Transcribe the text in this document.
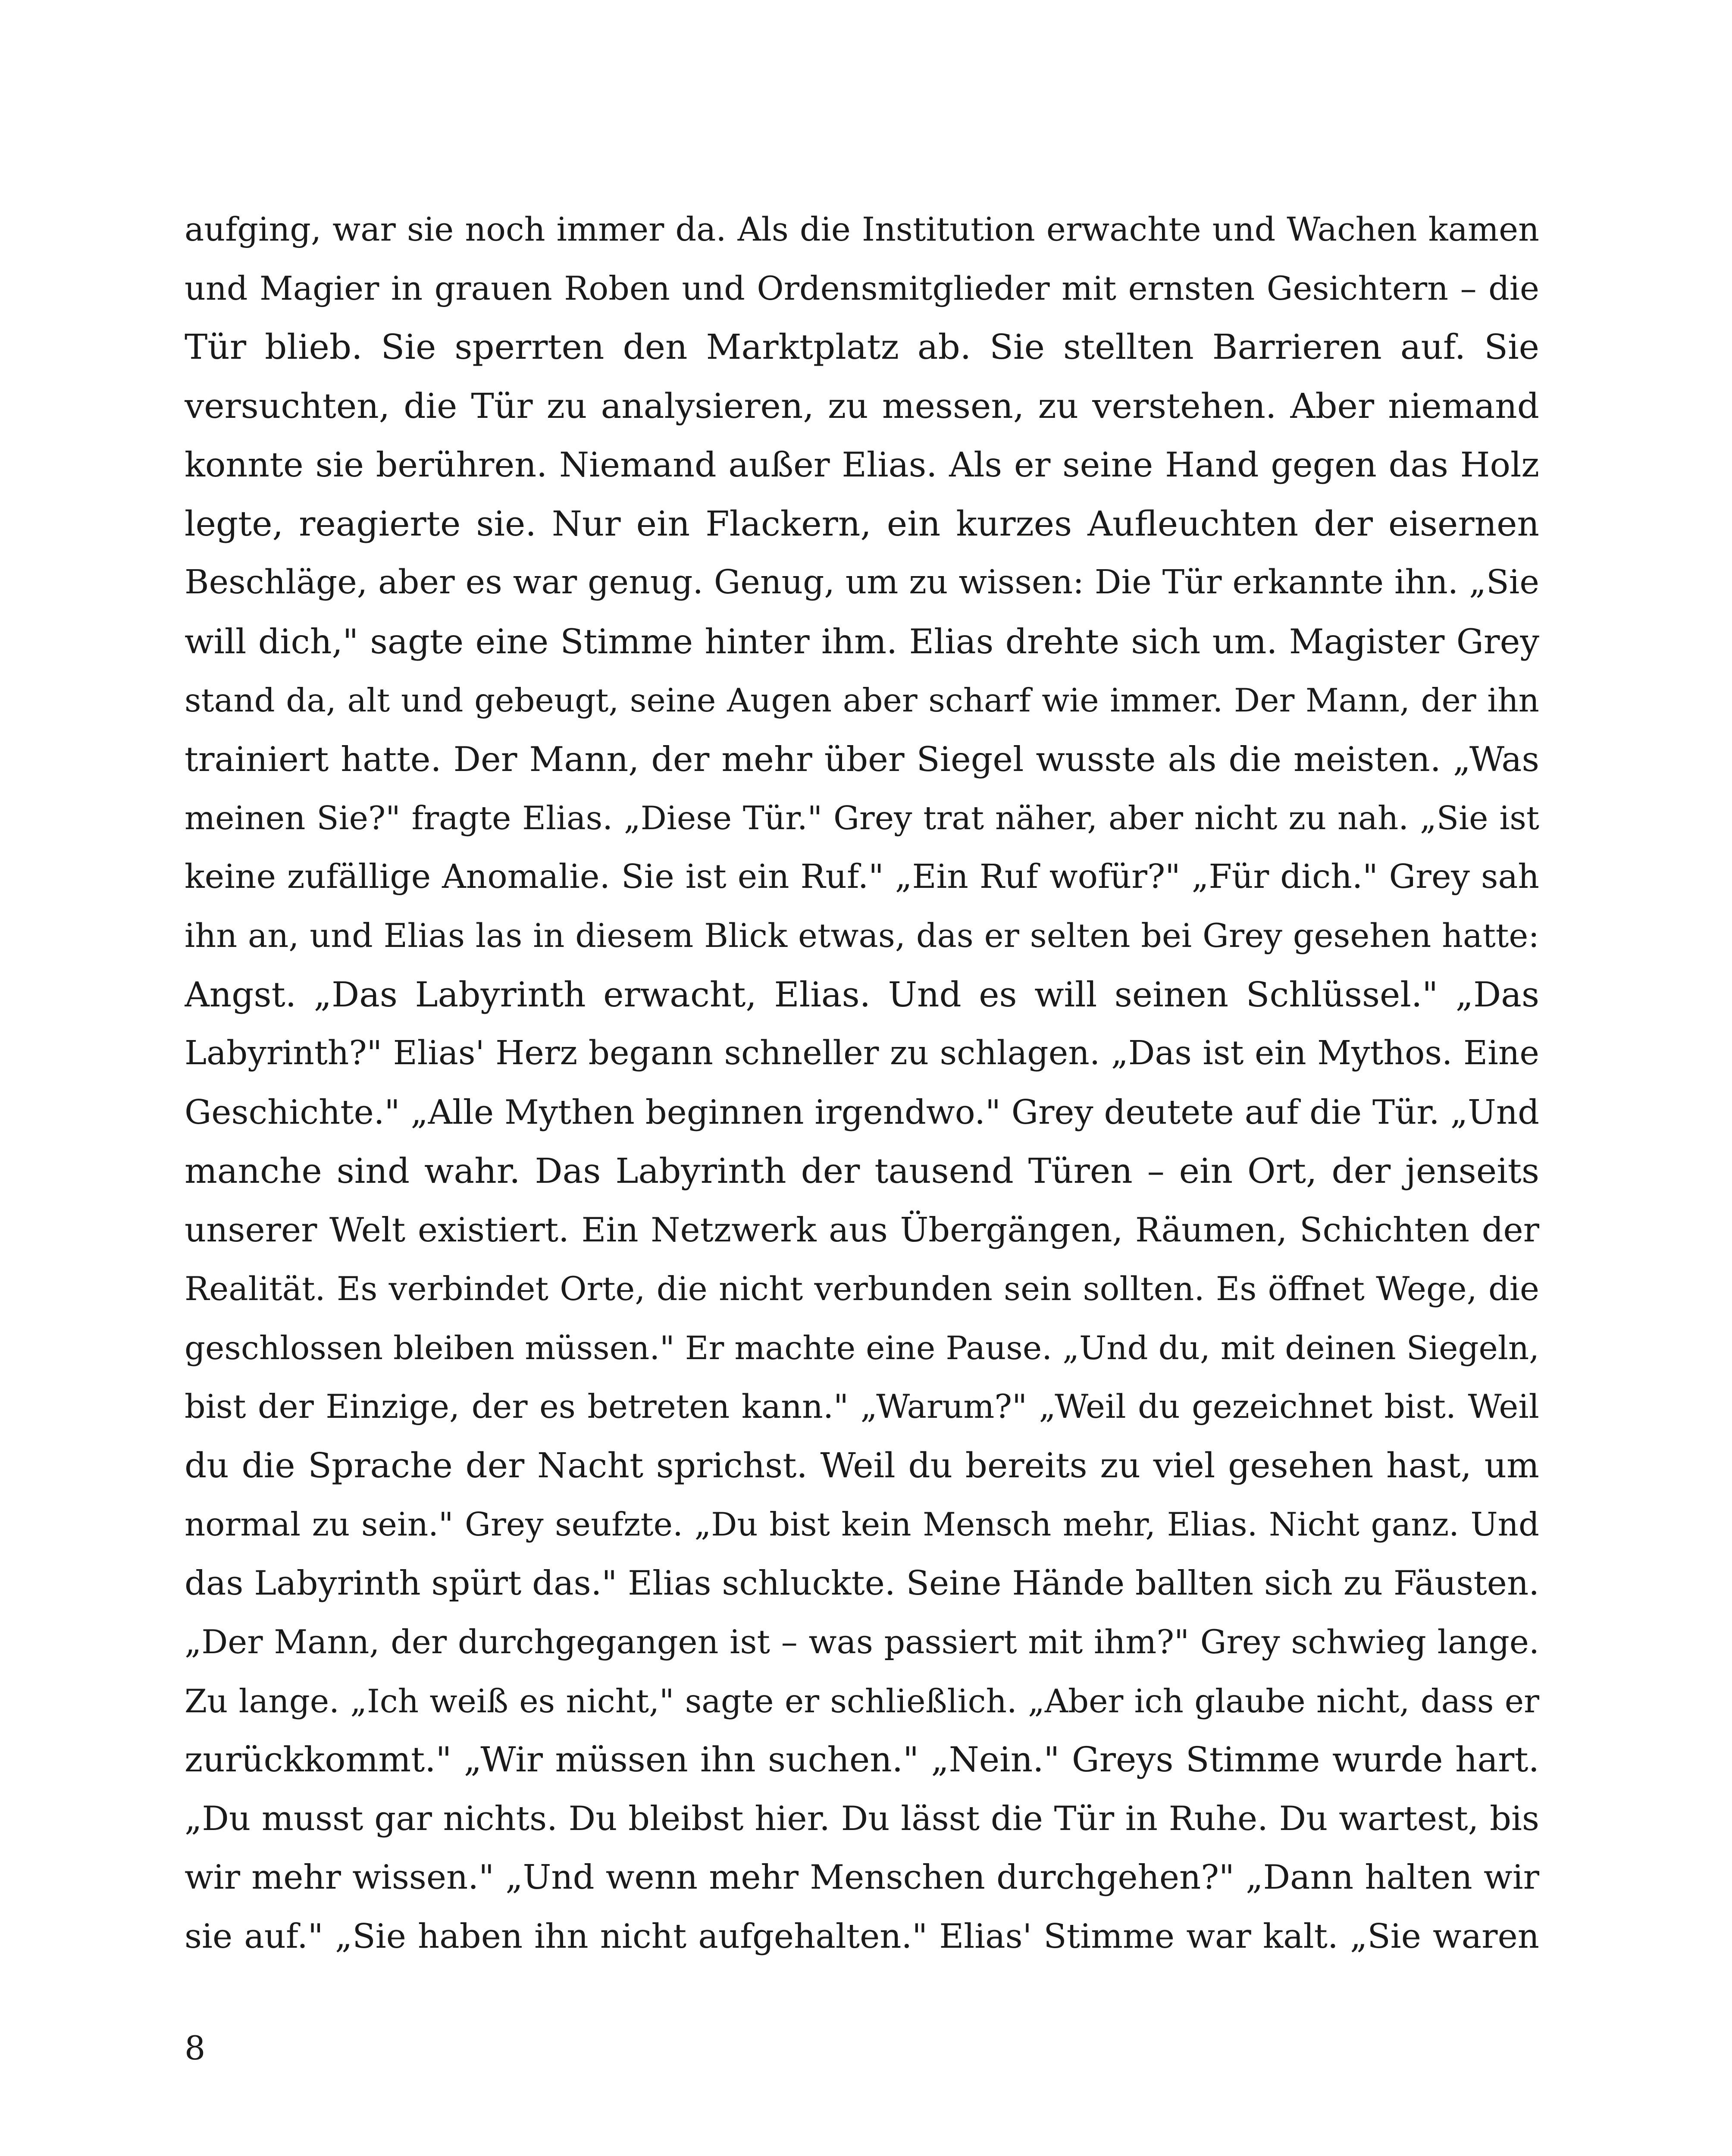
aufging, war sie noch immer da. Als die Institution erwachte und Wachen kamen
und Magier in grauen Roben und Ordensmitglieder mit ernsten Gesichtern – die
Tür blieb. Sie sperrten den Marktplatz ab. Sie stellten Barrieren auf. Sie
versuchten, die Tür zu analysieren, zu messen, zu verstehen. Aber niemand
konnte sie berühren. Niemand außer Elias. Als er seine Hand gegen das Holz
legte, reagierte sie. Nur ein Flackern, ein kurzes Aufleuchten der eisernen
Beschläge, aber es war genug. Genug, um zu wissen: Die Tür erkannte ihn. „Sie
will dich," sagte eine Stimme hinter ihm. Elias drehte sich um. Magister Grey
stand da, alt und gebeugt, seine Augen aber scharf wie immer. Der Mann, der ihn
trainiert hatte. Der Mann, der mehr über Siegel wusste als die meisten. „Was
meinen Sie?" fragte Elias. „Diese Tür." Grey trat näher, aber nicht zu nah. „Sie ist
keine zufällige Anomalie. Sie ist ein Ruf." „Ein Ruf wofür?" „Für dich." Grey sah
ihn an, und Elias las in diesem Blick etwas, das er selten bei Grey gesehen hatte:
Angst. „Das Labyrinth erwacht, Elias. Und es will seinen Schlüssel." „Das
Labyrinth?" Elias' Herz begann schneller zu schlagen. „Das ist ein Mythos. Eine
Geschichte." „Alle Mythen beginnen irgendwo." Grey deutete auf die Tür. „Und
manche sind wahr. Das Labyrinth der tausend Türen – ein Ort, der jenseits
unserer Welt existiert. Ein Netzwerk aus Übergängen, Räumen, Schichten der
Realität. Es verbindet Orte, die nicht verbunden sein sollten. Es öffnet Wege, die
geschlossen bleiben müssen." Er machte eine Pause. „Und du, mit deinen Siegeln,
bist der Einzige, der es betreten kann." „Warum?" „Weil du gezeichnet bist. Weil
du die Sprache der Nacht sprichst. Weil du bereits zu viel gesehen hast, um
normal zu sein." Grey seufzte. „Du bist kein Mensch mehr, Elias. Nicht ganz. Und
das Labyrinth spürt das." Elias schluckte. Seine Hände ballten sich zu Fäusten.
„Der Mann, der durchgegangen ist – was passiert mit ihm?" Grey schwieg lange.
Zu lange. „Ich weiß es nicht," sagte er schließlich. „Aber ich glaube nicht, dass er
zurückkommt." „Wir müssen ihn suchen." „Nein." Greys Stimme wurde hart.
„Du musst gar nichts. Du bleibst hier. Du lässt die Tür in Ruhe. Du wartest, bis
wir mehr wissen." „Und wenn mehr Menschen durchgehen?" „Dann halten wir
sie auf." „Sie haben ihn nicht aufgehalten." Elias' Stimme war kalt. „Sie waren
8
